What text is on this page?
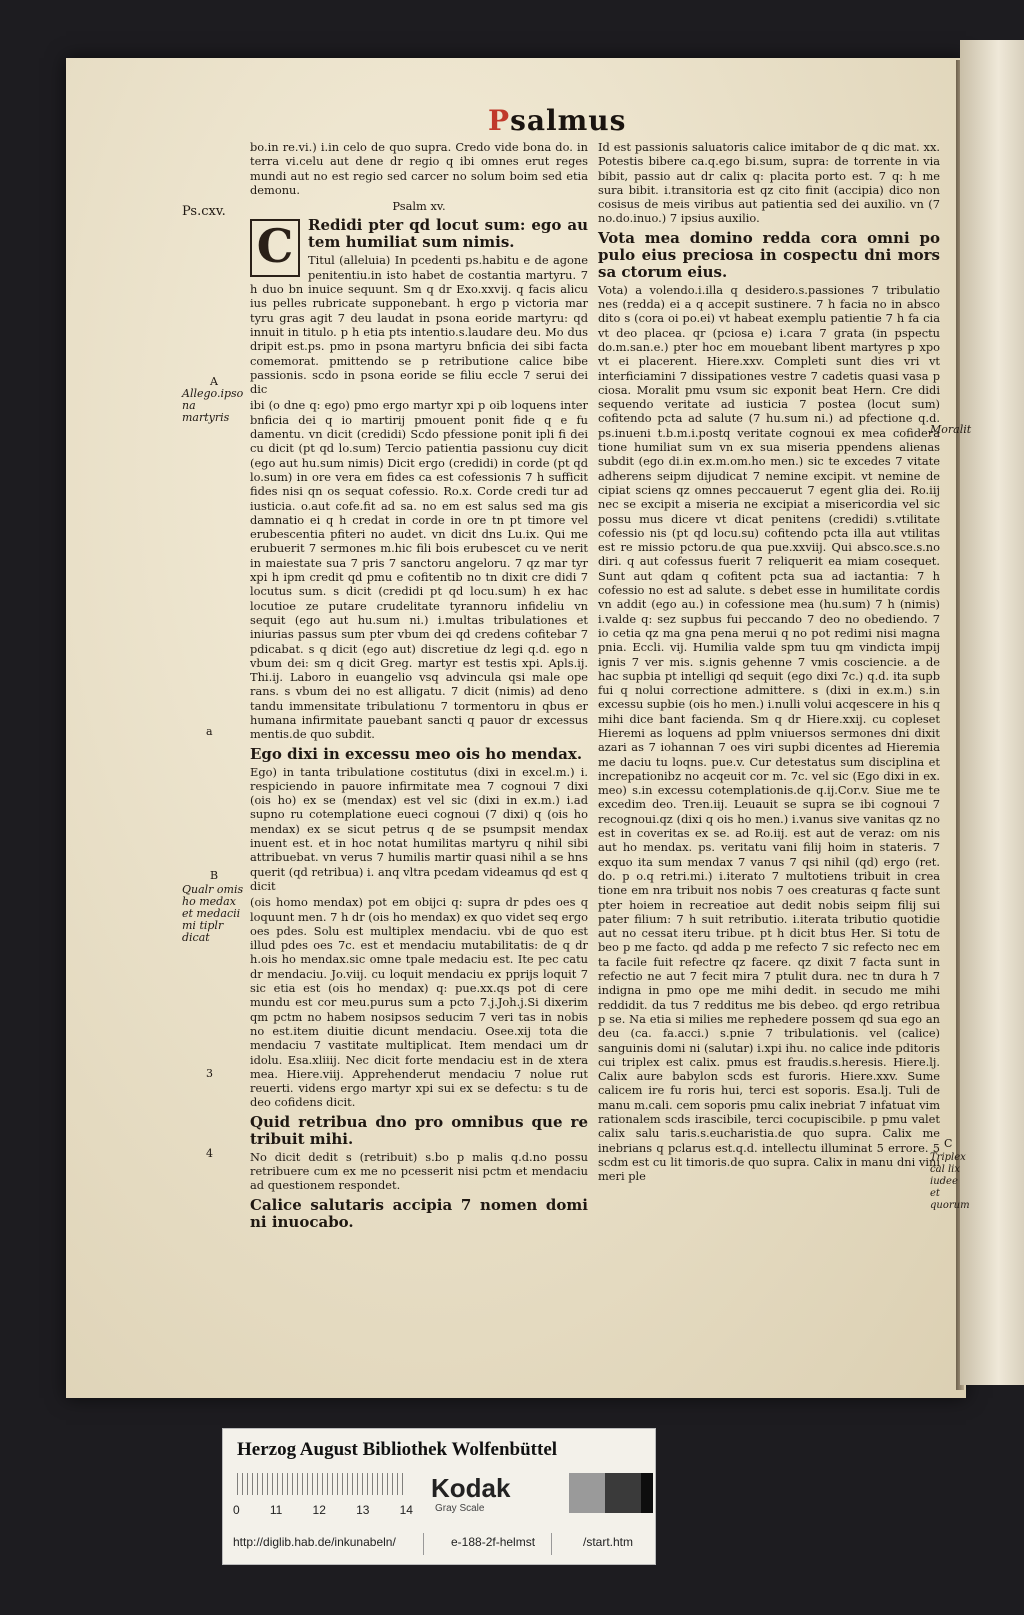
Psalmus
Ps.cxv.
A
Allego.ipso na martyris
B
Qualr omis ho medax et medacii mi tiplr dicat
Moralit
C
Triplex cal lix iudee et quorum

bo.in re.vi.) i.in celo de quo supra. Credo vide bona do. in terra vi.celu aut dene dr regio q ibi omnes erut reges mundi aut no est regio sed carcer no solum boim sed etia demonu.

Psalm xv.

C Redidi pter qd locut sum: ego au tem humiliat sum nimis.

Titul (alleluia) In pcedenti ps.habitu e de agone penitentiu.in isto habet de costantia martyru. 7 h duo bn inuice sequunt. Sm q dr Exo.xxvij. q facis alicu ius pelles rubricate supponebant. h ergo p victoria mar tyru gras agit 7 deu laudat in psona eoride martyru: qd innuit in titulo. p h etia pts intentio.s.laudare deu. Mo dus dripit est.ps. pmo in psona martyru bnficia dei sibi facta comemorat. pmittendo se p retributione calice bibe passionis. scdo in psona eoride se filiu eccle 7 serui dei dic

ibi (o dne q: ego) pmo ergo martyr xpi p oib loquens inter bnficia dei q io martirij pmouent ponit fide q e fu damentu. vn dicit (credidi) Scdo pfessione ponit ipli fi dei cu dicit (pt qd lo.sum) Tercio patientia passionu cuy dicit (ego aut hu.sum nimis) Dicit ergo (credidi) in corde (pt qd lo.sum) in ore vera em fides ca est cofessionis 7 h sufficit fides nisi qn os sequat cofessio. Ro.x. Corde credi tur ad iusticia. o.aut cofe.fit ad sa. no em est salus sed ma gis damnatio ei q h credat in corde in ore tn pt timore vel erubescentia pfiteri no audet. vn dicit dns Lu.ix. Qui me erubuerit 7 sermones m.hic fili bois erubescet cu ve nerit in maiestate sua 7 pris 7 sanctoru angeloru. 7 qz mar tyr xpi h ipm credit qd pmu e cofitentib no tn dixit cre didi 7 locutus sum. s dicit (credidi pt qd locu.sum) h ex hac locutioe ze putare crudelitate tyrannoru infideliu vn sequit (ego aut hu.sum ni.) i.multas tribulationes et iniurias passus sum pter vbum dei qd credens cofitebar 7 pdicabat. s q dicit (ego aut) discretiue dz legi q.d. ego n vbum dei: sm q dicit Greg. martyr est testis xpi. Apls.ij. Thi.ij. Laboro in euangelio vsq advincula qsi male ope rans. s vbum dei no est alligatu. 7 dicit (nimis) ad deno tandu immensitate tribulationu 7 tormentoru in qbus er humana infirmitate pauebant sancti q pauor dr excessus mentis.de quo subdit.

Ego dixi in excessu meo ois ho mendax.

Ego) in tanta tribulatione costitutus (dixi in excel.m.) i. respiciendo in pauore infirmitate mea 7 cognoui 7 dixi (ois ho) ex se (mendax) est vel sic (dixi in ex.m.) i.ad supno ru cotemplatione eueci cognoui (7 dixi) q (ois ho mendax) ex se sicut petrus q de se psumpsit mendax inuent est. et in hoc notat humilitas martyru q nihil sibi attribuebat. vn verus 7 humilis martir quasi nihil a se hns querit (qd retribua) i. anq vltra pcedam videamus qd est q dicit

(ois homo mendax) pot em obijci q: supra dr pdes oes q loquunt men. 7 h dr (ois ho mendax) ex quo videt seq ergo oes pdes. Solu est multiplex mendaciu. vbi de quo est illud pdes oes 7c. est et mendaciu mutabilitatis: de q dr h.ois ho mendax.sic omne tpale medaciu est. Ite pec catu dr mendaciu. Jo.viij. cu loquit mendaciu ex pprijs loquit 7 sic etia est (ois ho mendax) q: pue.xx.qs pot di cere mundu est cor meu.purus sum a pcto 7.j.Joh.j.Si dixerim qm pctm no habem nosipsos seducim 7 veri tas in nobis no est.item diuitie dicunt mendaciu. Osee.xij tota die mendaciu 7 vastitate multiplicat. Item mendaci um dr idolu. Esa.xliiij. Nec dicit forte mendaciu est in de xtera mea. Hiere.viij. Apprehenderut mendaciu 7 nolue rut reuerti. videns ergo martyr xpi sui ex se defectu: s tu de deo cofidens dicit.

Quid retribua dno pro omnibus que re tribuit mihi.

No dicit dedit s (retribuit) s.bo p malis q.d.no possu retribuere cum ex me no pcesserit nisi pctm et mendaciu ad questionem respondet.

Calice salutaris accipia 7 nomen domi ni inuocabo.

Id est passionis saluatoris calice imitabor de q dic mat. xx. Potestis bibere ca.q.ego bi.sum, supra: de torrente in via bibit, passio aut dr calix q: placita porto est. 7 q: h me sura bibit. i.transitoria est qz cito finit (accipia) dico non cosisus de meis viribus aut patientia sed dei auxilio. vn (7 no.do.inuo.) 7 ipsius auxilio.

Vota mea domino redda cora omni po pulo eius preciosa in cospectu dni mors sa ctorum eius.

Vota) a volendo.i.illa q desidero.s.passiones 7 tribulatio nes (redda) ei a q accepit sustinere. 7 h facia no in absco dito s (cora oi po.ei) vt habeat exemplu patientie 7 h fa cia vt deo placea. qr (pciosa e) i.cara 7 grata (in pspectu do.m.san.e.) pter hoc em mouebant libent martyres p xpo vt ei placerent. Hiere.xxv. Completi sunt dies vri vt interficiamini 7 dissipationes vestre 7 cadetis quasi vasa p ciosa. Moralit pmu vsum sic exponit beat Hern. Cre didi sequendo veritate ad iusticia 7 postea (locut sum) cofitendo pcta ad salute (7 hu.sum ni.) ad pfectione q.d. ps.inueni t.b.m.i.postq veritate cognoui ex mea cofidera tione humiliat sum vn ex sua miseria ppendens alienas subdit (ego di.in ex.m.om.ho men.) sic te excedes 7 vitate adherens seipm dijudicat 7 nemine excipit. vt nemine de cipiat sciens qz omnes peccauerut 7 egent glia dei. Ro.iij nec se excipit a miseria ne excipiat a misericordia vel sic possu mus dicere vt dicat penitens (credidi) s.vtilitate cofessio nis (pt qd locu.su) cofitendo pcta illa aut vtilitas est re missio pctoru.de qua pue.xxviij. Qui absco.sce.s.no diri. q aut cofessus fuerit 7 reliquerit ea miam cosequet. Sunt aut qdam q cofitent pcta sua ad iactantia: 7 h cofessio no est ad salute. s debet esse in humilitate cordis vn addit (ego au.) in cofessione mea (hu.sum) 7 h (nimis) i.valde q: sez supbus fui peccando 7 deo no obediendo. 7 io cetia qz ma gna pena merui q no pot redimi nisi magna pnia. Eccli. vij. Humilia valde spm tuu qm vindicta impij ignis 7 ver mis. s.ignis gehenne 7 vmis cosciencie. a de hac supbia pt intelligi qd sequit (ego dixi 7c.) q.d. ita supb fui q nolui correctione admittere. s (dixi in ex.m.) s.in excessu supbie (ois ho men.) i.nulli volui acqescere in his q mihi dice bant facienda. Sm q dr Hiere.xxij. cu copleset Hieremi as loquens ad pplm vniuersos sermones dni dixit azari as 7 iohannan 7 oes viri supbi dicentes ad Hieremia me daciu tu loqns. pue.v. Cur detestatus sum disciplina et increpationibz no acqeuit cor m. 7c. vel sic (Ego dixi in ex. meo) s.in excessu cotemplationis.de q.ij.Cor.v. Siue me te excedim deo. Tren.iij. Leuauit se supra se ibi cognoui 7 recognoui.qz (dixi q ois ho men.) i.vanus sive vanitas qz no est in coveritas ex se. ad Ro.iij. est aut de veraz: om nis aut ho mendax. ps. veritatu vani filij hoim in stateris. 7 exquo ita sum mendax 7 vanus 7 qsi nihil (qd) ergo (ret. do. p o.q retri.mi.) i.iterato 7 multotiens tribuit in crea tione em nra tribuit nos nobis 7 oes creaturas q facte sunt pter hoiem in recreatioe aut dedit nobis seipm filij sui pater filium: 7 h suit retributio. i.iterata tributio quotidie aut no cessat iteru tribue. pt h dicit btus Her. Si totu de beo p me facto. qd adda p me refecto 7 sic refecto nec em ta facile fuit refectre qz facere. qz dixit 7 facta sunt in refectio ne aut 7 fecit mira 7 ptulit dura. nec tn dura h 7 indigna in pmo ope me mihi dedit. in secudo me mihi reddidit. da tus 7 redditus me bis debeo. qd ergo retribua p se. Na etia si milies me rephedere possem qd sua ego an deu (ca. fa.acci.) s.pnie 7 tribulationis. vel (calice) sanguinis domi ni (salutar) i.xpi ihu. no calice inde pditoris cui triplex est calix. pmus est fraudis.s.heresis. Hiere.lj. Calix aure babylon scds est furoris. Hiere.xxv. Sume calicem ire fu roris hui, terci est soporis. Esa.lj. Tuli de manu m.cali. cem soporis pmu calix inebriat 7 infatuat vim rationalem scds irascibile, terci cocupiscibile. p pmu valet calix salu taris.s.eucharistia.de quo supra. Calix me inebrians q pclarus est.q.d. intellectu illuminat 5 errore. 5 scdm est cu lit timoris.de quo supra. Calix in manu dni vini meri ple

a
3
4
Herzog August Bibliothek Wolfenbüttel
0	11	12	13	14
Kodak
Gray Scale
http://diglib.hab.de/inkunabeln/	e-188-2f-helmst	/start.htm
